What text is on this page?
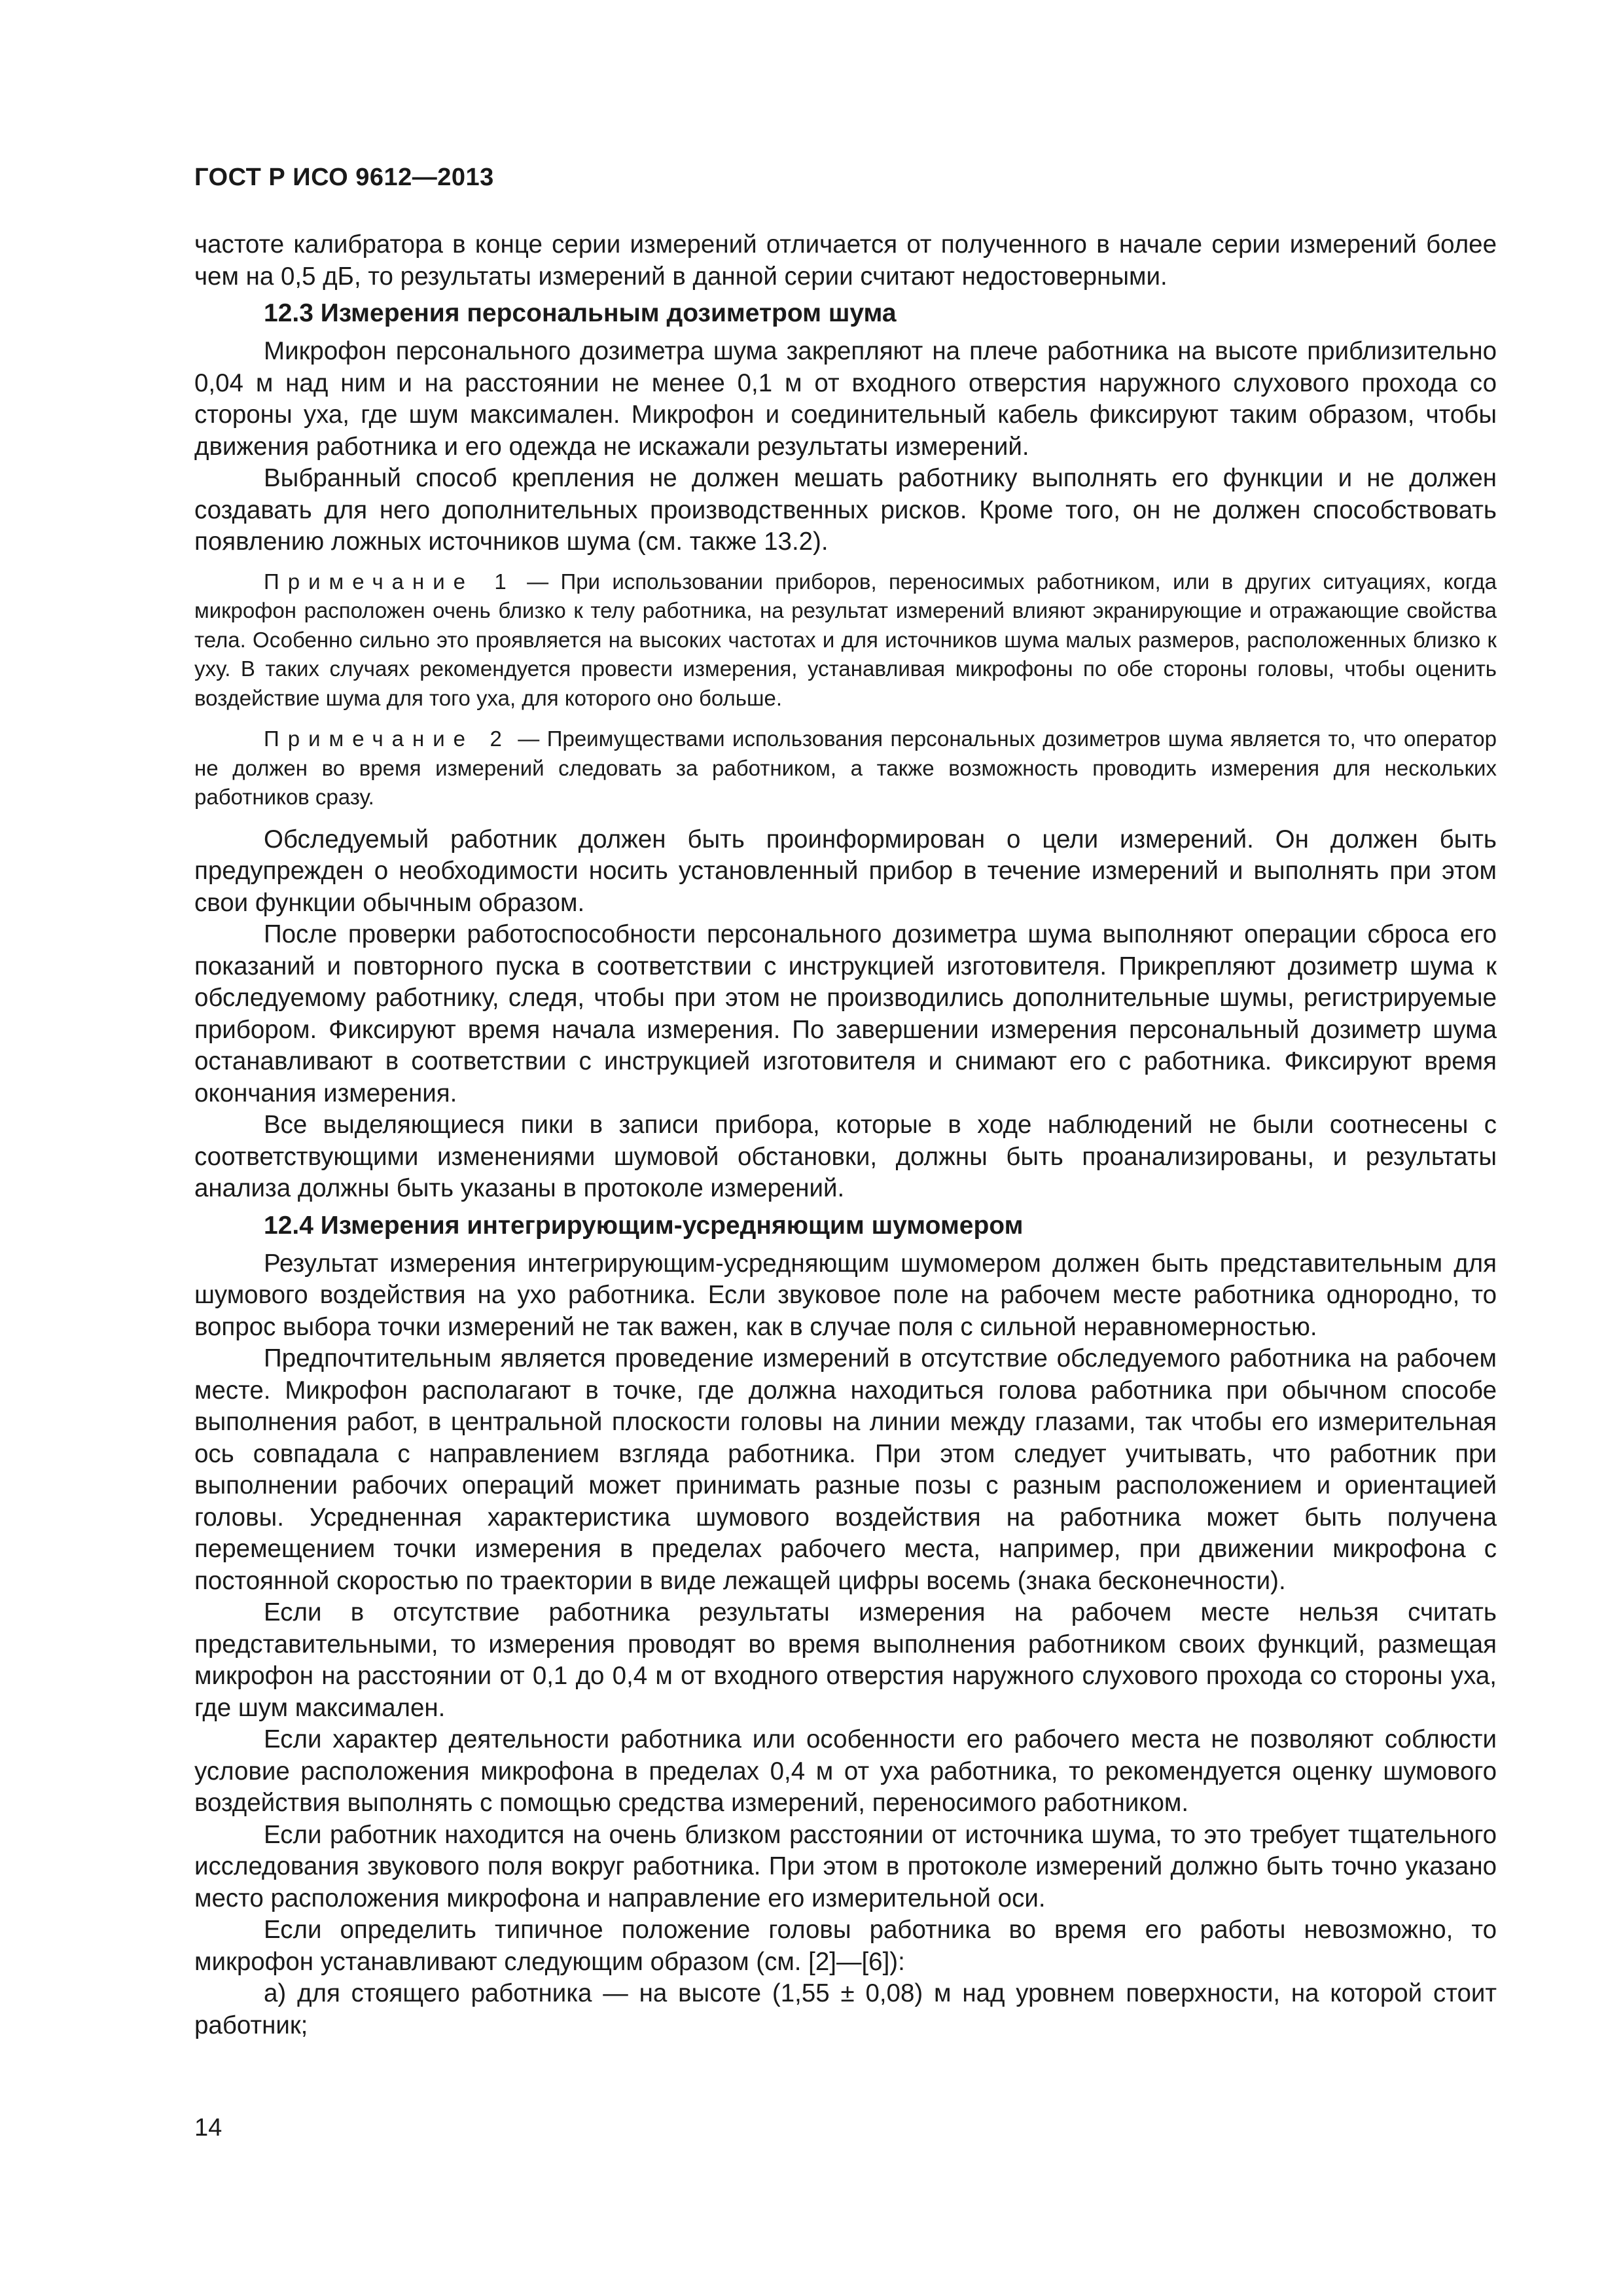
ГОСТ Р ИСО 9612—2013

частоте калибратора в конце серии измерений отличается от полученного в начале серии измерений более чем на 0,5 дБ, то результаты измерений в данной серии считают недостоверными.

12.3 Измерения персональным дозиметром шума

Микрофон персонального дозиметра шума закрепляют на плече работника на высоте приблизительно 0,04 м над ним и на расстоянии не менее 0,1 м от входного отверстия наружного слухового прохода со стороны уха, где шум максимален. Микрофон и соединительный кабель фиксируют таким образом, чтобы движения работника и его одежда не искажали результаты измерений.

Выбранный способ крепления не должен мешать работнику выполнять его функции и не должен создавать для него дополнительных производственных рисков. Кроме того, он не должен способствовать появлению ложных источников шума (см. также 13.2).

Примечание 1 — При использовании приборов, переносимых работником, или в других ситуациях, когда микрофон расположен очень близко к телу работника, на результат измерений влияют экранирующие и отражающие свойства тела. Особенно сильно это проявляется на высоких частотах и для источников шума малых размеров, расположенных близко к уху. В таких случаях рекомендуется провести измерения, устанавливая микрофоны по обе стороны головы, чтобы оценить воздействие шума для того уха, для которого оно больше.
Примечание 2 — Преимуществами использования персональных дозиметров шума является то, что оператор не должен во время измерений следовать за работником, а также возможность проводить измерения для нескольких работников сразу.

Обследуемый работник должен быть проинформирован о цели измерений. Он должен быть предупрежден о необходимости носить установленный прибор в течение измерений и выполнять при этом свои функции обычным образом.

После проверки работоспособности персонального дозиметра шума выполняют операции сброса его показаний и повторного пуска в соответствии с инструкцией изготовителя. Прикрепляют дозиметр шума к обследуемому работнику, следя, чтобы при этом не производились дополнительные шумы, регистрируемые прибором. Фиксируют время начала измерения. По завершении измерения персональный дозиметр шума останавливают в соответствии с инструкцией изготовителя и снимают его с работника. Фиксируют время окончания измерения.

Все выделяющиеся пики в записи прибора, которые в ходе наблюдений не были соотнесены с соответствующими изменениями шумовой обстановки, должны быть проанализированы, и результаты анализа должны быть указаны в протоколе измерений.

12.4 Измерения интегрирующим-усредняющим шумомером

Результат измерения интегрирующим-усредняющим шумомером должен быть представительным для шумового воздействия на ухо работника. Если звуковое поле на рабочем месте работника однородно, то вопрос выбора точки измерений не так важен, как в случае поля с сильной неравномерностью.

Предпочтительным является проведение измерений в отсутствие обследуемого работника на рабочем месте. Микрофон располагают в точке, где должна находиться голова работника при обычном способе выполнения работ, в центральной плоскости головы на линии между глазами, так чтобы его измерительная ось совпадала с направлением взгляда работника. При этом следует учитывать, что работник при выполнении рабочих операций может принимать разные позы с разным расположением и ориентацией головы. Усредненная характеристика шумового воздействия на работника может быть получена перемещением точки измерения в пределах рабочего места, например, при движении микрофона с постоянной скоростью по траектории в виде лежащей цифры восемь (знака бесконечности).

Если в отсутствие работника результаты измерения на рабочем месте нельзя считать представительными, то измерения проводят во время выполнения работником своих функций, размещая микрофон на расстоянии от 0,1 до 0,4 м от входного отверстия наружного слухового прохода со стороны уха, где шум максимален.

Если характер деятельности работника или особенности его рабочего места не позволяют соблюсти условие расположения микрофона в пределах 0,4 м от уха работника, то рекомендуется оценку шумового воздействия выполнять с помощью средства измерений, переносимого работником.

Если работник находится на очень близком расстоянии от источника шума, то это требует тщательного исследования звукового поля вокруг работника. При этом в протоколе измерений должно быть точно указано место расположения микрофона и направление его измерительной оси.

Если определить типичное положение головы работника во время его работы невозможно, то микрофон устанавливают следующим образом (см. [2]—[6]):

а) для стоящего работника — на высоте (1,55 ± 0,08) м над уровнем поверхности, на которой стоит работник;

14
